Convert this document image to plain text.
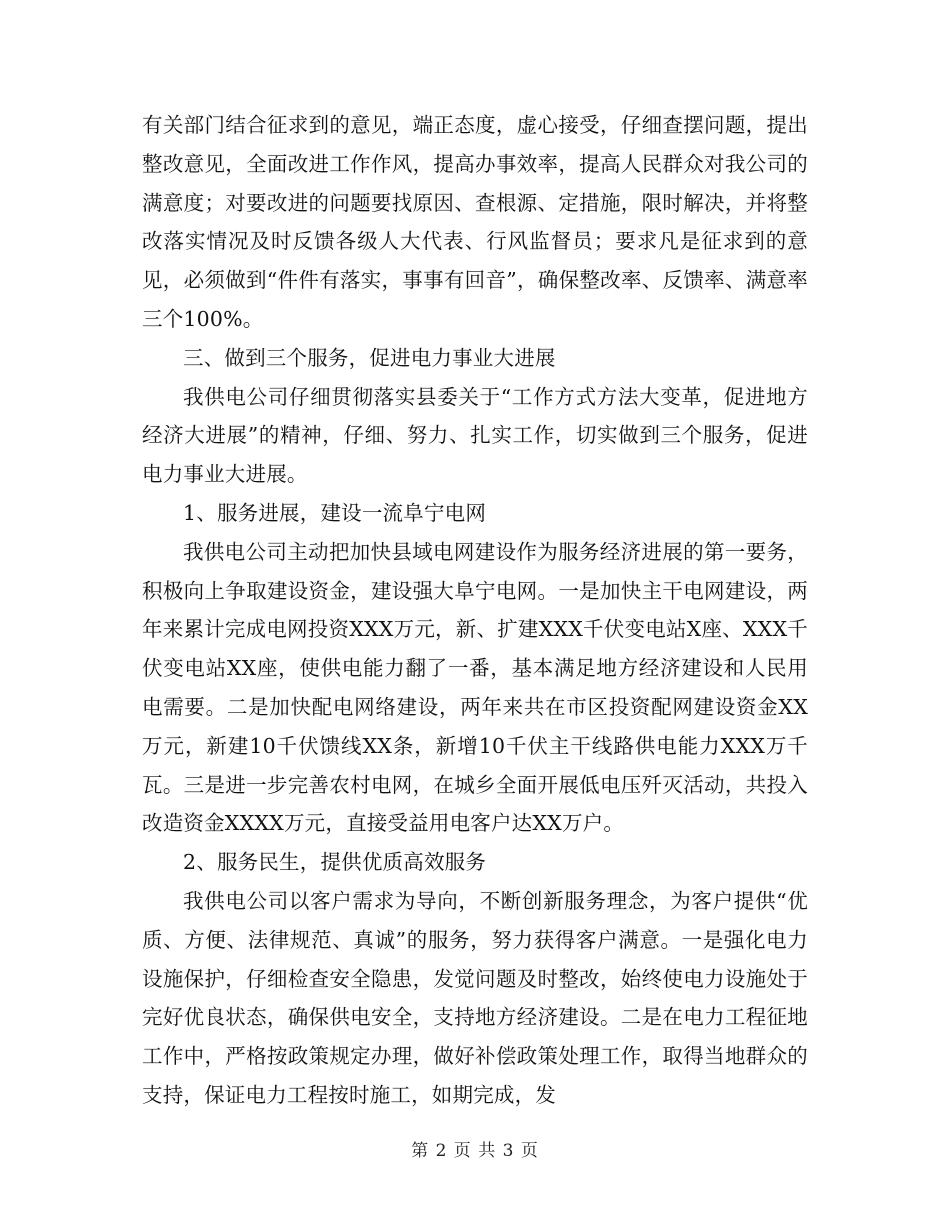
有关部门结合征求到的意见，端正态度，虚心接受，仔细查摆问题，提出整改意见，全面改进工作作风，提高办事效率，提高人民群众对我公司的满意度；对要改进的问题要找原因、查根源、定措施，限时解决，并将整改落实情况及时反馈各级人大代表、行风监督员；要求凡是征求到的意见，必须做到“件件有落实，事事有回音”，确保整改率、反馈率、满意率三个100%。

三、做到三个服务，促进电力事业大进展

我供电公司仔细贯彻落实县委关于“工作方式方法大变革，促进地方经济大进展”的精神，仔细、努力、扎实工作，切实做到三个服务，促进电力事业大进展。

1、服务进展，建设一流阜宁电网

我供电公司主动把加快县域电网建设作为服务经济进展的第一要务，积极向上争取建设资金，建设强大阜宁电网。一是加快主干电网建设，两年来累计完成电网投资XXX万元，新、扩建XXX千伏变电站X座、XXX千伏变电站XX座，使供电能力翻了一番，基本满足地方经济建设和人民用电需要。二是加快配电网络建设，两年来共在市区投资配网建设资金XX万元，新建10千伏馈线XX条，新增10千伏主干线路供电能力XXX万千瓦。三是进一步完善农村电网，在城乡全面开展低电压歼灭活动，共投入改造资金XXXX万元，直接受益用电客户达XX万户。

2、服务民生，提供优质高效服务

我供电公司以客户需求为导向，不断创新服务理念，为客户提供“优质、方便、法律规范、真诚”的服务，努力获得客户满意。一是强化电力设施保护，仔细检查安全隐患，发觉问题及时整改，始终使电力设施处于完好优良状态，确保供电安全，支持地方经济建设。二是在电力工程征地工作中，严格按政策规定办理，做好补偿政策处理工作，取得当地群众的支持，保证电力工程按时施工，如期完成，发

第 2 页 共 3 页
